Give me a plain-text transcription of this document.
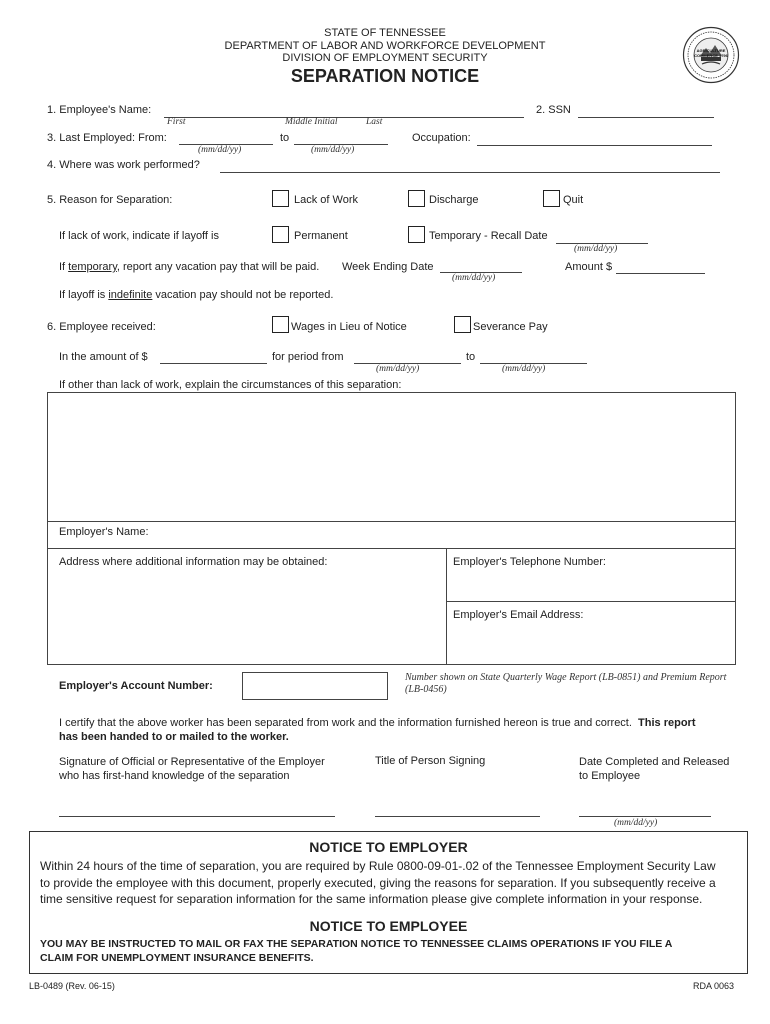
STATE OF TENNESSEE
DEPARTMENT OF LABOR AND WORKFORCE DEVELOPMENT
DIVISION OF EMPLOYMENT SECURITY
SEPARATION NOTICE
AGRICULTURE COMMERCE 1796
1. Employee's Name:
First	Middle Initial	Last
2. SSN
3. Last Employed: From:
(mm/dd/yy)
to
(mm/dd/yy)
Occupation:
4. Where was work performed?
5. Reason for Separation:	Lack of Work	Discharge	Quit
If lack of work, indicate if layoff is	Permanent	Temporary - Recall Date
(mm/dd/yy)
If temporary, report any vacation pay that will be paid. Week Ending Date
(mm/dd/yy)
Amount $
If layoff is indefinite vacation pay should not be reported.
6. Employee received:	Wages in Lieu of Notice	Severance Pay
In the amount of $	for period from
(mm/dd/yy)
to
(mm/dd/yy)
If other than lack of work, explain the circumstances of this separation:
Employer's Name:
Address where additional information may be obtained:	Employer's Telephone Number:
Employer's Email Address:
Employer's Account Number:
Number shown on State Quarterly Wage Report (LB-0851) and Premium Report (LB-0456)
I certify that the above worker has been separated from work and the information furnished hereon is true and correct. This report
has been handed to or mailed to the worker.
Signature of Official or Representative of the Employer
who has first-hand knowledge of the separation
Title of Person Signing	Date Completed and Released
to Employee
(mm/dd/yy)
NOTICE TO EMPLOYER
Within 24 hours of the time of separation, you are required by Rule 0800-09-01-.02 of the Tennessee Employment Security Law
to provide the employee with this document, properly executed, giving the reasons for separation. If you subsequently receive a
time sensitive request for separation information for the same information please give complete information in your response.
NOTICE TO EMPLOYEE
YOU MAY BE INSTRUCTED TO MAIL OR FAX THE SEPARATION NOTICE TO TENNESSEE CLAIMS OPERATIONS IF YOU FILE A
CLAIM FOR UNEMPLOYMENT INSURANCE BENEFITS.
LB-0489 (Rev. 06-15)	RDA 0063
